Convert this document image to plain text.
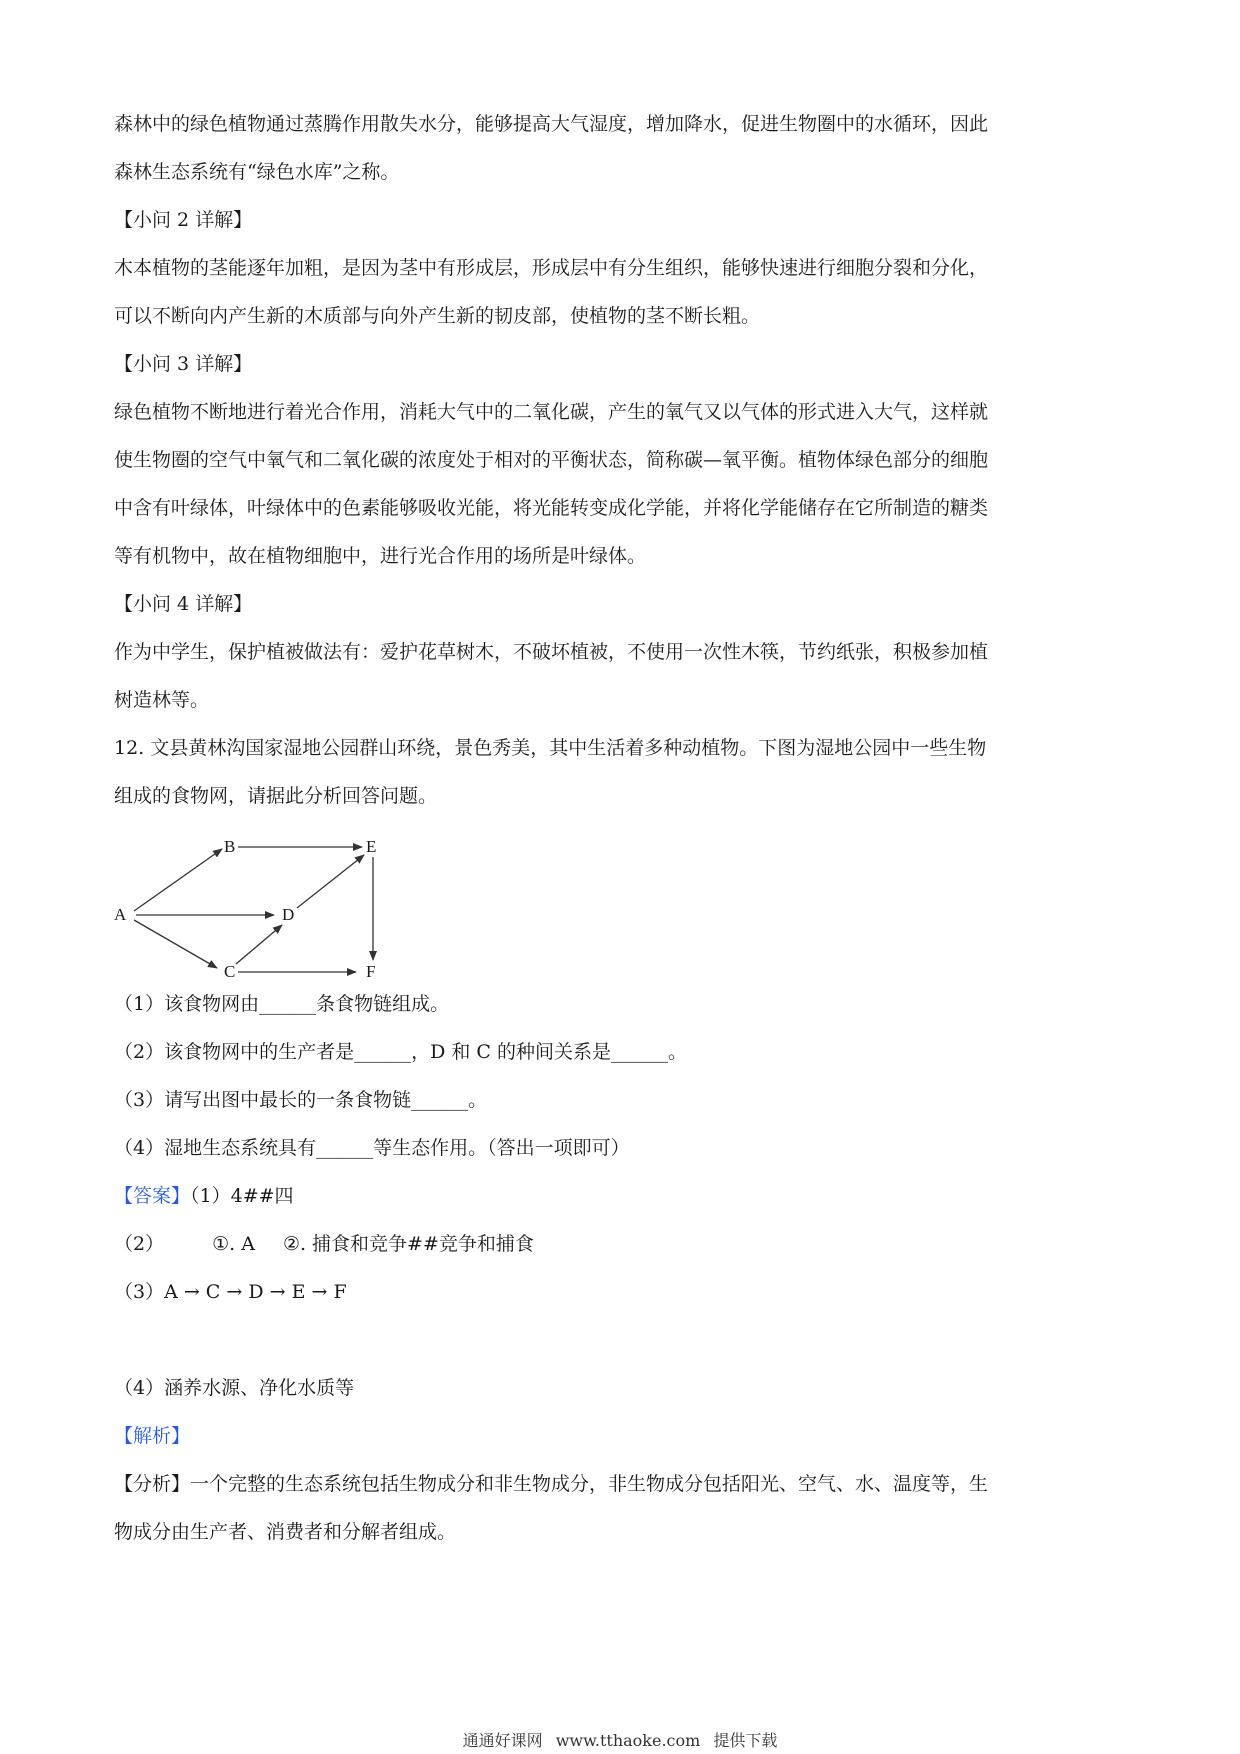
森林中的绿色植物通过蒸腾作用散失水分，能够提高大气湿度，增加降水，促进生物圈中的水循环，因此

森林生态系统有“绿色水库”之称。

【小问 2 详解】

木本植物的茎能逐年加粗，是因为茎中有形成层，形成层中有分生组织，能够快速进行细胞分裂和分化，

可以不断向内产生新的木质部与向外产生新的韧皮部，使植物的茎不断长粗。

【小问 3 详解】

绿色植物不断地进行着光合作用，消耗大气中的二氧化碳，产生的氧气又以气体的形式进入大气，这样就

使生物圈的空气中氧气和二氧化碳的浓度处于相对的平衡状态，简称碳—氧平衡。植物体绿色部分的细胞

中含有叶绿体，叶绿体中的色素能够吸收光能，将光能转变成化学能，并将化学能储存在它所制造的糖类

等有机物中，故在植物细胞中，进行光合作用的场所是叶绿体。

【小问 4 详解】

作为中学生，保护植被做法有：爱护花草树木，不破坏植被，不使用一次性木筷，节约纸张，积极参加植

树造林等。

12. 文县黄林沟国家湿地公园群山环绕，景色秀美，其中生活着多种动植物。下图为湿地公园中一些生物

组成的食物网，请据此分析回答问题。

A
B
C
D
E
F

（1）该食物网由______条食物链组成。

（2）该食物网中的生产者是______，D 和 C 的种间关系是______。

（3）请写出图中最长的一条食物链______。

（4）湿地生态系统具有______等生态作用。（答出一项即可）

【答案】（1）4##四

（2）	①. A ②. 捕食和竞争##竞争和捕食

（3）A → C → D → E → F

（4）涵养水源、净化水质等

【解析】

【分析】一个完整的生态系统包括生物成分和非生物成分，非生物成分包括阳光、空气、水、温度等，生

物成分由生产者、消费者和分解者组成。

通通好课网 www.tthaoke.com 提供下载
